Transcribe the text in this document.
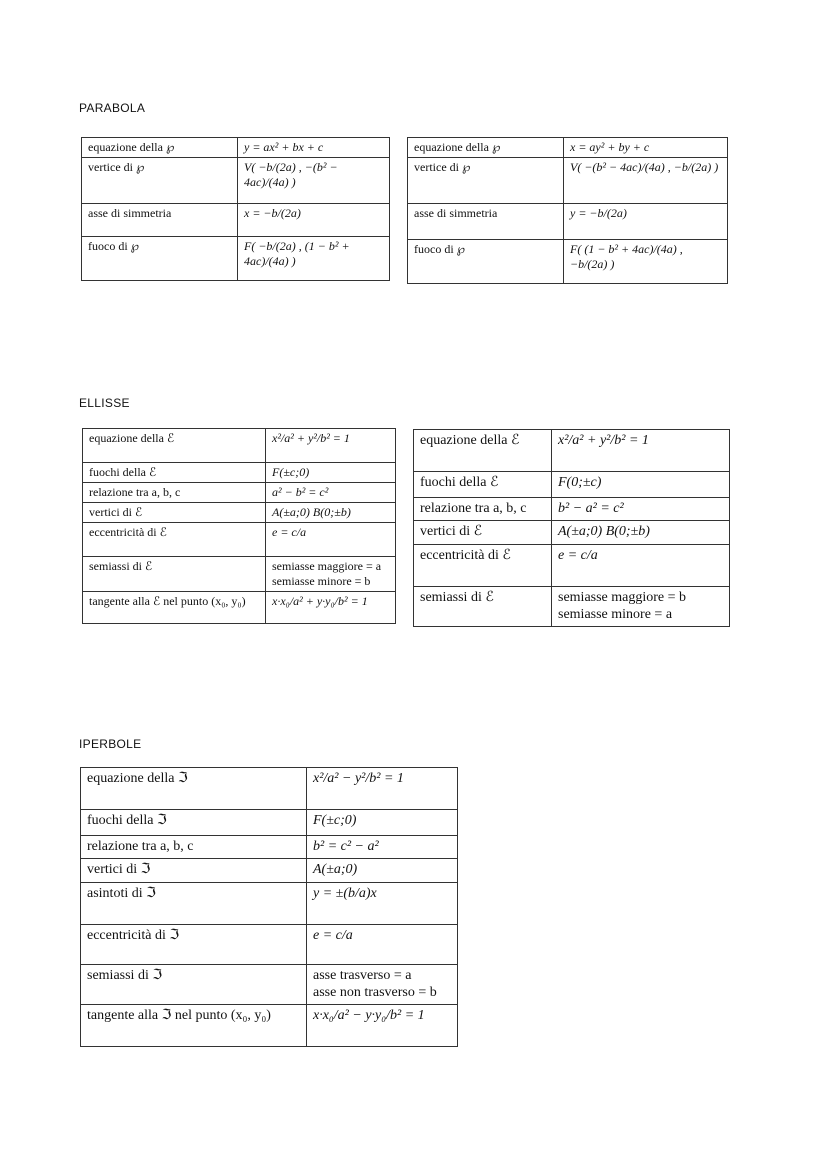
PARABOLA
equazione della ℘	y = ax² + bx + c
vertice di ℘	V( −b/(2a) , −(b² − 4ac)/(4a) )
asse di simmetria	x = −b/(2a)
fuoco di ℘	F( −b/(2a) , (1 − b² + 4ac)/(4a) )
equazione della ℘	x = ay² + by + c
vertice di ℘	V( −(b² − 4ac)/(4a) , −b/(2a) )
asse di simmetria	y = −b/(2a)
fuoco di ℘	F( (1 − b² + 4ac)/(4a) , −b/(2a) )
ELLISSE
equazione della ℰ	x²/a² + y²/b² = 1
fuochi della ℰ	F(±c;0)
relazione tra a, b, c	a² − b² = c²
vertici di ℰ	A(±a;0) B(0;±b)
eccentricità di ℰ	e = c/a
semiassi di ℰ	semiasse maggiore = a
semiasse minore = b
tangente alla ℰ nel punto (x₀, y₀)	x·x₀/a² + y·y₀/b² = 1
equazione della ℰ	x²/a² + y²/b² = 1
fuochi della ℰ	F(0;±c)
relazione tra a, b, c	b² − a² = c²
vertici di ℰ	A(±a;0) B(0;±b)
eccentricità di ℰ	e = c/a
semiassi di ℰ	semiasse maggiore = b
semiasse minore = a
IPERBOLE
equazione della ℑ	x²/a² − y²/b² = 1
fuochi della ℑ	F(±c;0)
relazione tra a, b, c	b² = c² − a²
vertici di ℑ	A(±a;0)
asintoti di ℑ	y = ±(b/a)x
eccentricità di ℑ	e = c/a
semiassi di ℑ	asse trasverso = a
asse non trasverso = b
tangente alla ℑ nel punto (x₀, y₀)	x·x₀/a² − y·y₀/b² = 1
